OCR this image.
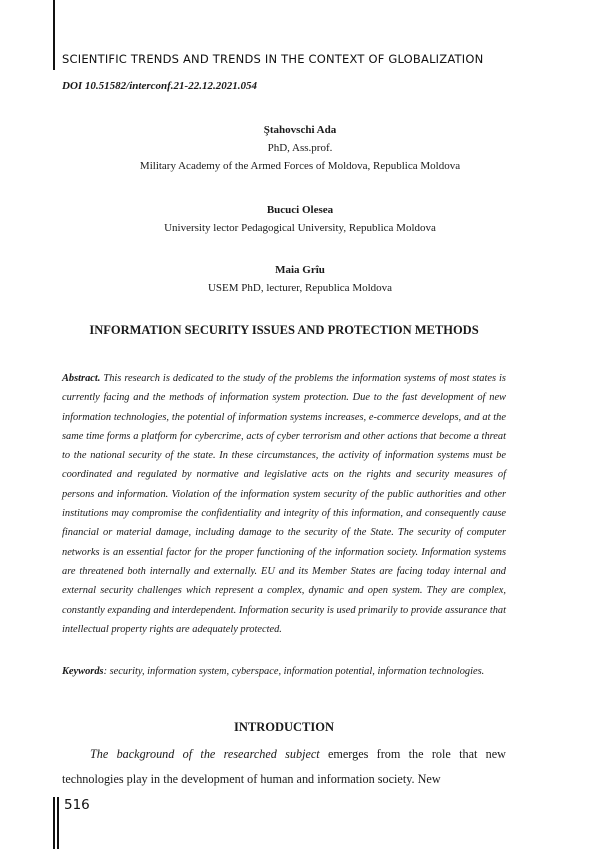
SCIENTIFIC TRENDS AND TRENDS IN THE CONTEXT OF GLOBALIZATION
DOI 10.51582/interconf.21-22.12.2021.054
Ştahovschi Ada
PhD, Ass.prof.
Military Academy of the Armed Forces of Moldova, Republica Moldova
Bucuci Olesea
University lector Pedagogical University, Republica Moldova
Maia Grîu
USEM PhD, lecturer, Republica Moldova
INFORMATION SECURITY ISSUES AND PROTECTION METHODS
Abstract. This research is dedicated to the study of the problems the information systems of most states is currently facing and the methods of information system protection. Due to the fast development of new information technologies, the potential of information systems increases, e-commerce develops, and at the same time forms a platform for cybercrime, acts of cyber terrorism and other actions that become a threat to the national security of the state. In these circumstances, the activity of information systems must be coordinated and regulated by normative and legislative acts on the rights and security measures of persons and information. Violation of the information system security of the public authorities and other institutions may compromise the confidentiality and integrity of this information, and consequently cause financial or material damage, including damage to the security of the State. The security of computer networks is an essential factor for the proper functioning of the information society. Information systems are threatened both internally and externally. EU and its Member States are facing today internal and external security challenges which represent a complex, dynamic and open system. They are complex, constantly expanding and interdependent. Information security is used primarily to provide assurance that intellectual property rights are adequately protected.
Keywords: security, information system, cyberspace, information potential, information technologies.
INTRODUCTION
The background of the researched subject emerges from the role that new technologies play in the development of human and information society. New
516
